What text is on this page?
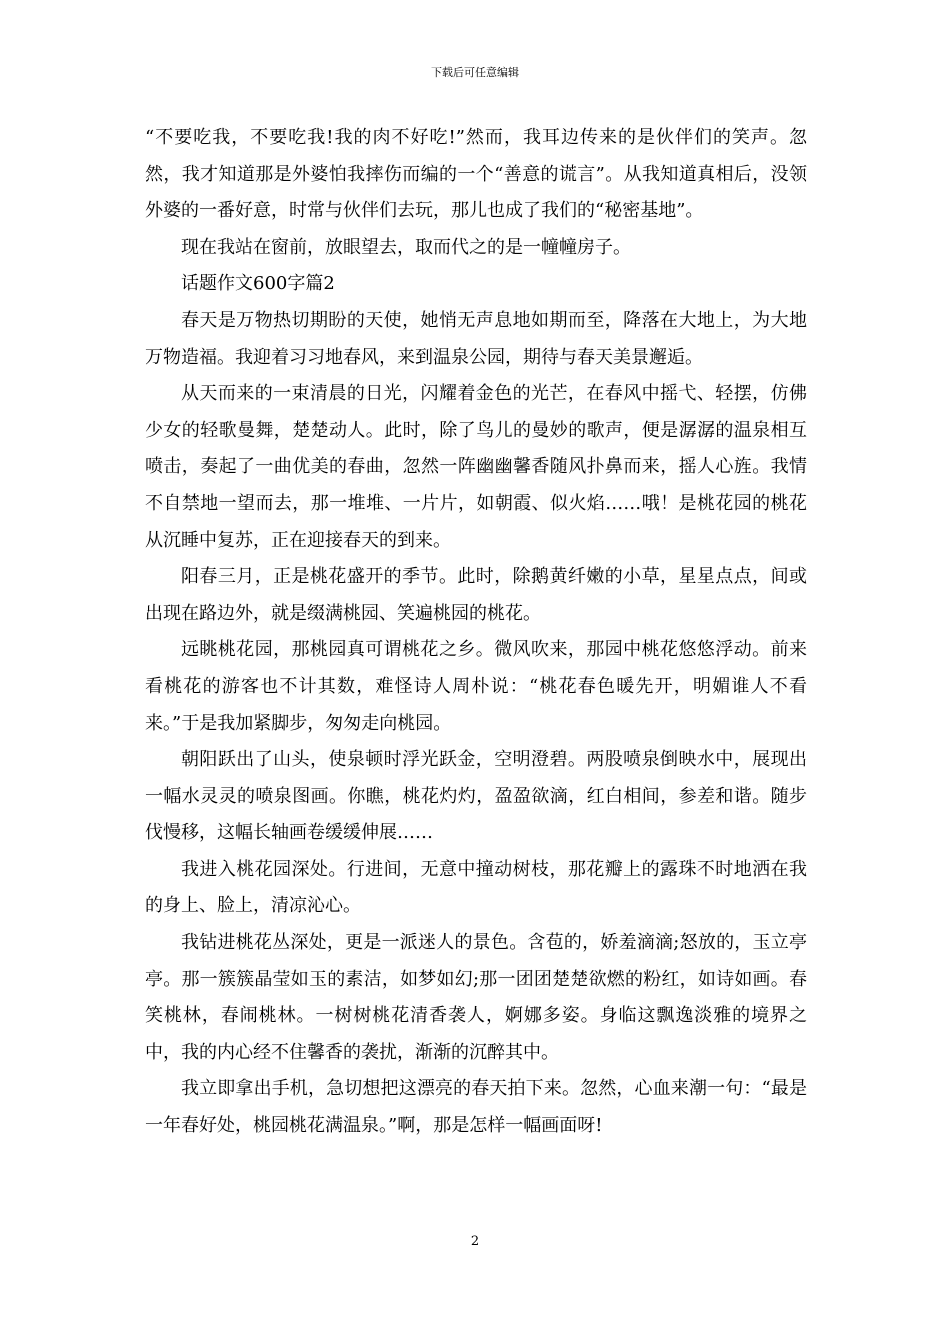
下载后可任意编辑

“不要吃我，不要吃我!我的肉不好吃!”然而，我耳边传来的是伙伴们的笑声。忽然，我才知道那是外婆怕我摔伤而编的一个“善意的谎言”。从我知道真相后，没领外婆的一番好意，时常与伙伴们去玩，那儿也成了我们的“秘密基地”。

现在我站在窗前，放眼望去，取而代之的是一幢幢房子。

话题作文600字篇2

春天是万物热切期盼的天使，她悄无声息地如期而至，降落在大地上，为大地万物造福。我迎着习习地春风，来到温泉公园，期待与春天美景邂逅。

从天而来的一束清晨的日光，闪耀着金色的光芒，在春风中摇弋、轻摆，仿佛少女的轻歌曼舞，楚楚动人。此时，除了鸟儿的曼妙的歌声，便是潺潺的温泉相互喷击，奏起了一曲优美的春曲，忽然一阵幽幽馨香随风扑鼻而来，摇人心旌。我情不自禁地一望而去，那一堆堆、一片片，如朝霞、似火焰……哦！是桃花园的桃花从沉睡中复苏，正在迎接春天的到来。

阳春三月，正是桃花盛开的季节。此时，除鹅黄纤嫩的小草，星星点点，间或出现在路边外，就是缀满桃园、笑遍桃园的桃花。

远眺桃花园，那桃园真可谓桃花之乡。微风吹来，那园中桃花悠悠浮动。前来看桃花的游客也不计其数，难怪诗人周朴说：“桃花春色暖先开，明媚谁人不看来。”于是我加紧脚步，匆匆走向桃园。

朝阳跃出了山头，使泉顿时浮光跃金，空明澄碧。两股喷泉倒映水中，展现出一幅水灵灵的喷泉图画。你瞧，桃花灼灼，盈盈欲滴，红白相间，参差和谐。随步伐慢移，这幅长轴画卷缓缓伸展……

我进入桃花园深处。行进间，无意中撞动树枝，那花瓣上的露珠不时地洒在我的身上、脸上，清凉沁心。

我钻进桃花丛深处，更是一派迷人的景色。含苞的，娇羞滴滴;怒放的，玉立亭亭。那一簇簇晶莹如玉的素洁，如梦如幻;那一团团楚楚欲燃的粉红，如诗如画。春笑桃林，春闹桃林。一树树桃花清香袭人，婀娜多姿。身临这飘逸淡雅的境界之中，我的内心经不住馨香的袭扰，渐渐的沉醉其中。

我立即拿出手机，急切想把这漂亮的春天拍下来。忽然，心血来潮一句：“最是一年春好处，桃园桃花满温泉。”啊，那是怎样一幅画面呀!

2
